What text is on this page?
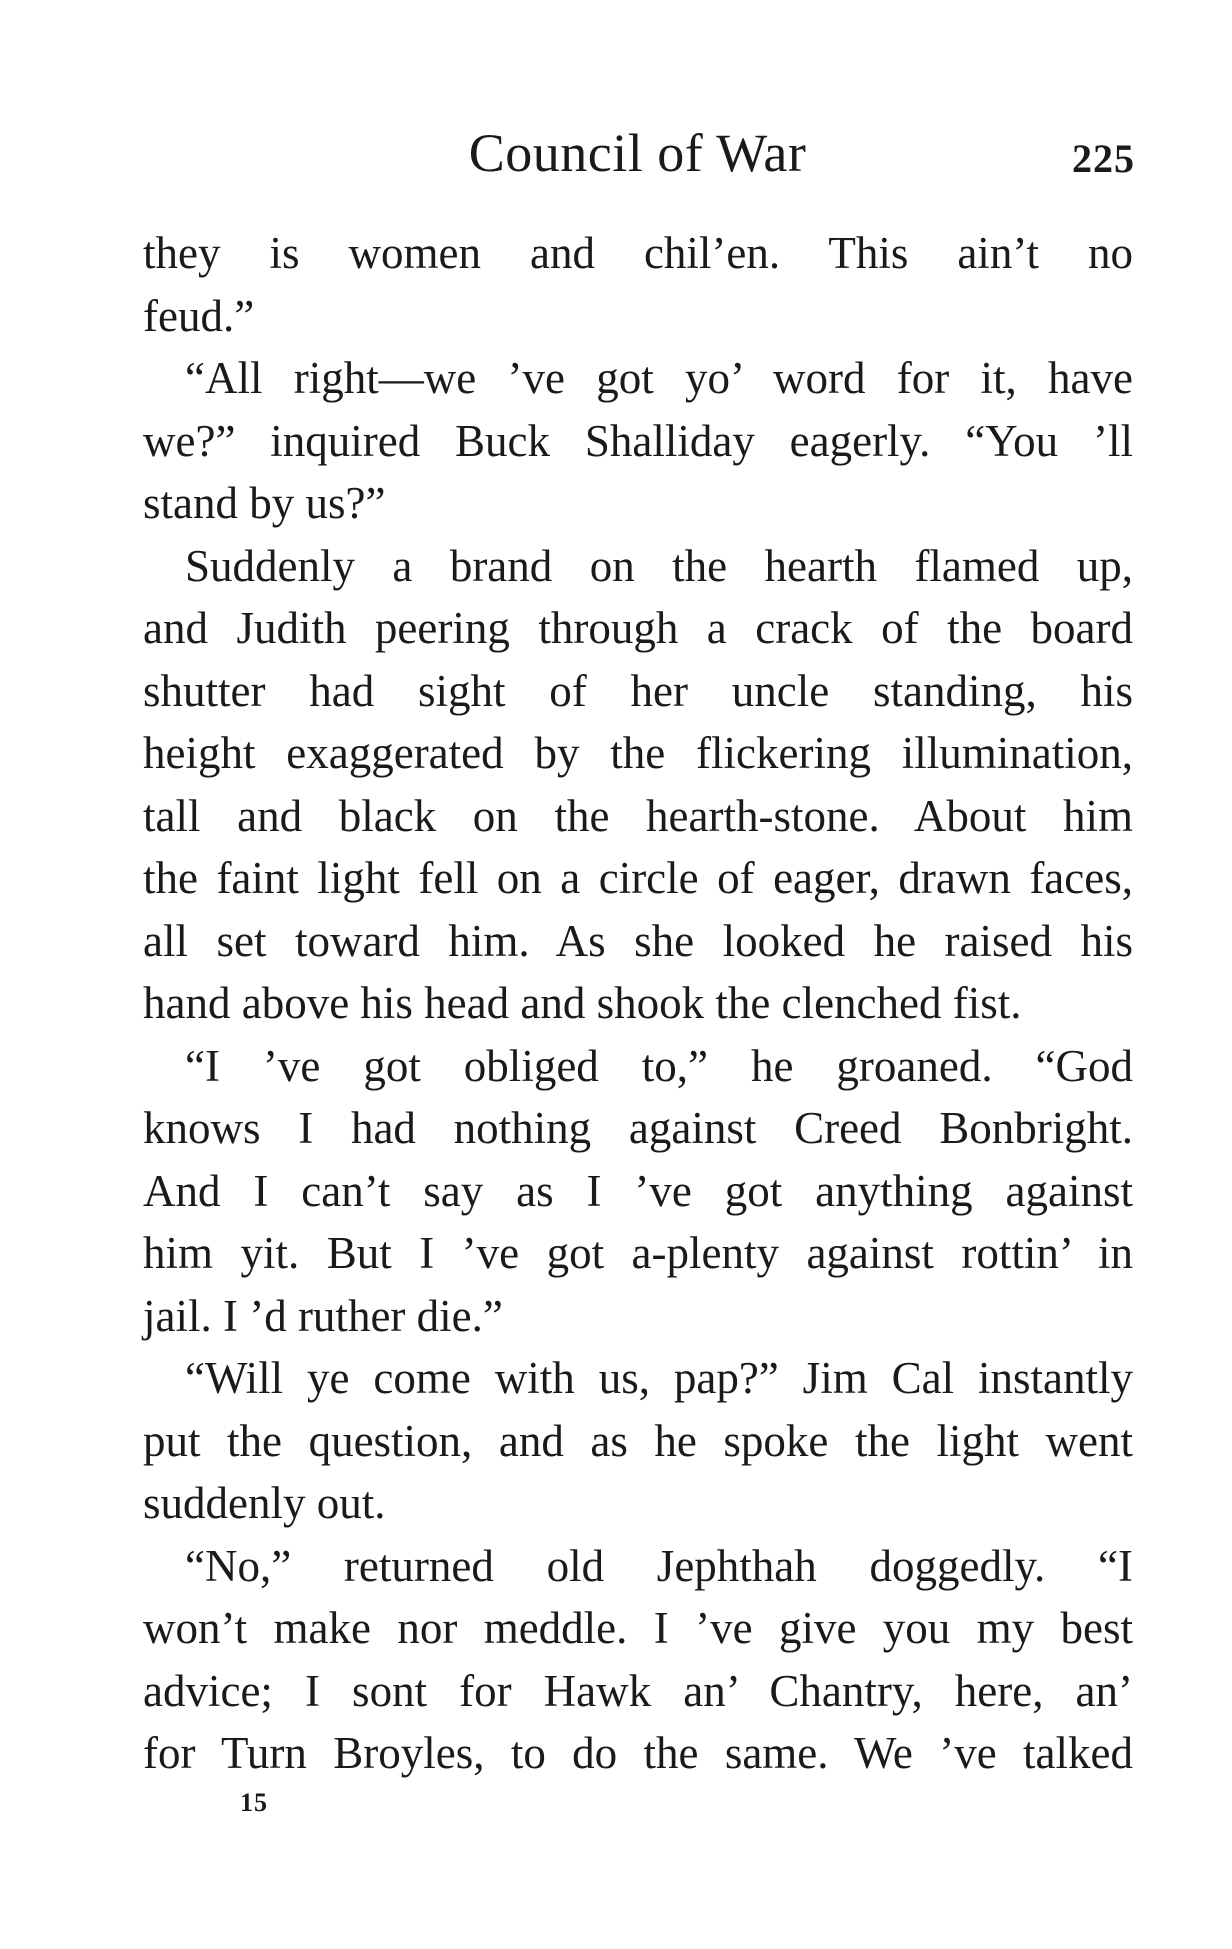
Council of War	225
they is women and chil’en. This ain’t no
feud.”
“All right—we ’ve got yo’ word for it, have
we?” inquired Buck Shalliday eagerly. “You ’ll
stand by us?”
Suddenly a brand on the hearth flamed up,
and Judith peering through a crack of the board
shutter had sight of her uncle standing, his
height exaggerated by the flickering illumination,
tall and black on the hearth-stone. About him
the faint light fell on a circle of eager, drawn faces,
all set toward him. As she looked he raised his
hand above his head and shook the clenched fist.
“I ’ve got obliged to,” he groaned. “God
knows I had nothing against Creed Bonbright.
And I can’t say as I ’ve got anything against
him yit. But I ’ve got a-plenty against rottin’ in
jail. I ’d ruther die.”
“Will ye come with us, pap?” Jim Cal instantly
put the question, and as he spoke the light went
suddenly out.
“No,” returned old Jephthah doggedly. “I
won’t make nor meddle. I ’ve give you my best
advice; I sont for Hawk an’ Chantry, here, an’
for Turn Broyles, to do the same. We ’ve talked
15
